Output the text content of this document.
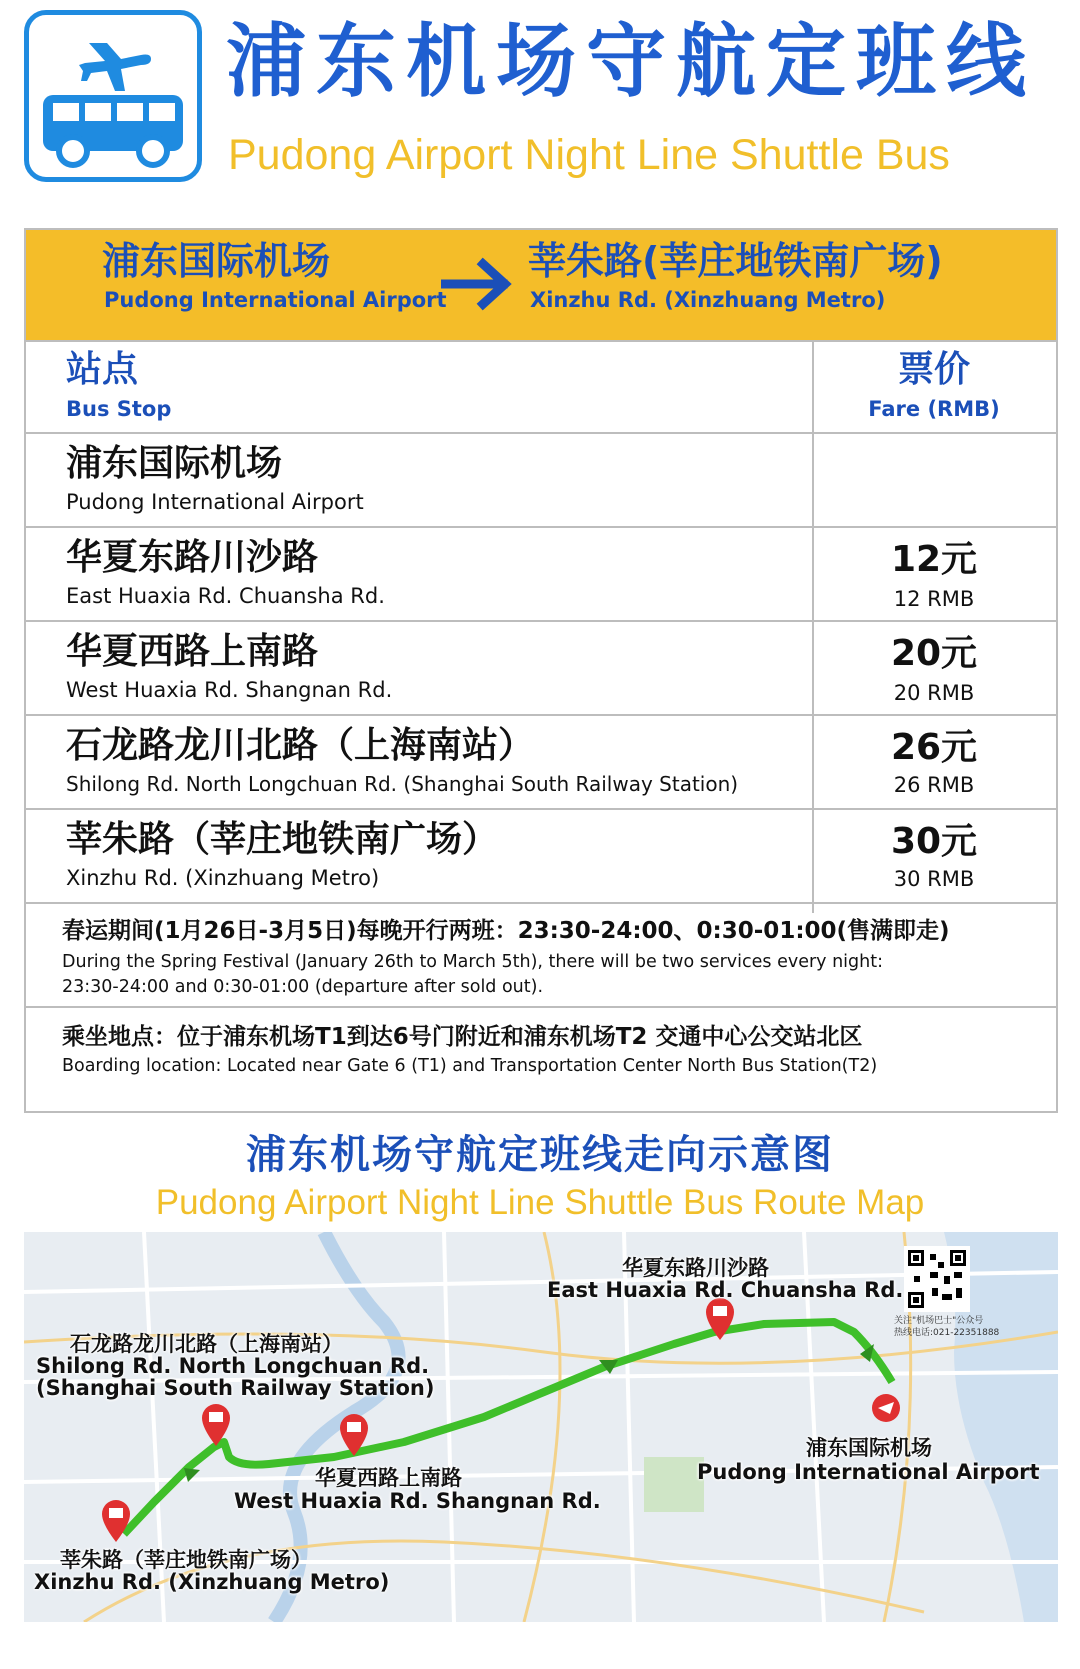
浦东机场守航定班线
Pudong Airport Night Line Shuttle Bus
浦东国际机场
Pudong International Airport
莘朱路(莘庄地铁南广场)
Xinzhu Rd. (Xinzhuang Metro)
站点
Bus Stop
票价
Fare (RMB)
浦东国际机场
Pudong International Airport
华夏东路川沙路
East Huaxia Rd. Chuansha Rd.
12元
12 RMB
华夏西路上南路
West Huaxia Rd. Shangnan Rd.
20元
20 RMB
石龙路龙川北路（上海南站）
Shilong Rd. North Longchuan Rd. (Shanghai South Railway Station)
26元
26 RMB
莘朱路（莘庄地铁南广场）
Xinzhu Rd. (Xinzhuang Metro)
30元
30 RMB
春运期间(1月26日-3月5日)每晚开行两班：23:30-24:00、0:30-01:00(售满即走)
During the Spring Festival (January 26th to March 5th), there will be two services every night:
23:30-24:00 and 0:30-01:00 (departure after sold out).
乘坐地点：位于浦东机场T1到达6号门附近和浦东机场T2 交通中心公交站北区
Boarding location: Located near Gate 6 (T1) and Transportation Center North Bus Station(T2)
浦东机场守航定班线走向示意图
Pudong Airport Night Line Shuttle Bus Route Map
华夏东路川沙路
East Huaxia Rd. Chuansha Rd.
石龙路龙川北路（上海南站）
Shilong Rd. North Longchuan Rd.
(Shanghai South Railway Station)
华夏西路上南路
West Huaxia Rd. Shangnan Rd.
浦东国际机场
Pudong International Airport
莘朱路（莘庄地铁南广场）
Xinzhu Rd. (Xinzhuang Metro)
关注"机场巴士"公众号
热线电话:021-22351888
